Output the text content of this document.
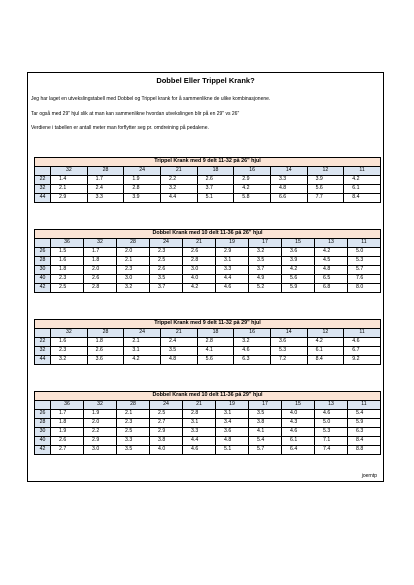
Dobbel Eller Trippel Krank?
Jeg har laget en utvekslingstabell med Dobbel og Trippel krank for å sammenlikne de ulike kombinasjonene.
Tar også med 29" hjul slik at man kan sammenlikne hvordan utvekslingen blir på en 29" vs 26"
Verdiene i tabellen er antall meter man forflytter seg pr. omdreining på pedalene.
Trippel Krank med 9 delt 11-32 på 26" hjul									
	32	28	24	21	18	16	14	12	11
22	1.4	1.7	1.9	2.2	2.6	2.9	3.3	3.9	4.2
32	2.1	2.4	2.8	3.2	3.7	4.2	4.8	5.6	6.1
44	2.9	3.3	3.9	4.4	5.1	5.8	6.6	7.7	8.4
Dobbel Krank med 10 delt 11-36 på 26" hjul										
	36	32	28	24	21	19	17	15	13	11
26	1.5	1.7	2.0	2.3	2.6	2.9	3.2	3.6	4.2	5.0
28	1.6	1.8	2.1	2.5	2.8	3.1	3.5	3.9	4.5	5.3
30	1.8	2.0	2.3	2.6	3.0	3.3	3.7	4.2	4.8	5.7
40	2.3	2.6	3.0	3.5	4.0	4.4	4.9	5.6	6.5	7.6
42	2.5	2.8	3.2	3.7	4.2	4.6	5.2	5.9	6.8	8.0
Trippel Krank med 9 delt 11-32 på 29" hjul									
	32	28	24	21	18	16	14	12	11
22	1.6	1.8	2.1	2.4	2.8	3.2	3.6	4.2	4.6
32	2.3	2.6	3.1	3.5	4.1	4.6	5.3	6.1	6.7
44	3.2	3.6	4.2	4.8	5.6	6.3	7.2	8.4	9.2
Dobbel Krank med 10 delt 11-36 på 29" hjul										
	36	32	28	24	21	19	17	15	13	11
26	1.7	1.9	2.1	2.5	2.8	3.1	3.5	4.0	4.6	5.4
28	1.8	2.0	2.3	2.7	3.1	3.4	3.8	4.3	5.0	5.9
30	1.9	2.2	2.5	2.9	3.3	3.6	4.1	4.6	5.3	6.3
40	2.6	2.9	3.3	3.8	4.4	4.8	5.4	6.1	7.1	8.4
42	2.7	3.0	3.5	4.0	4.6	5.1	5.7	6.4	7.4	8.8
joerntp
